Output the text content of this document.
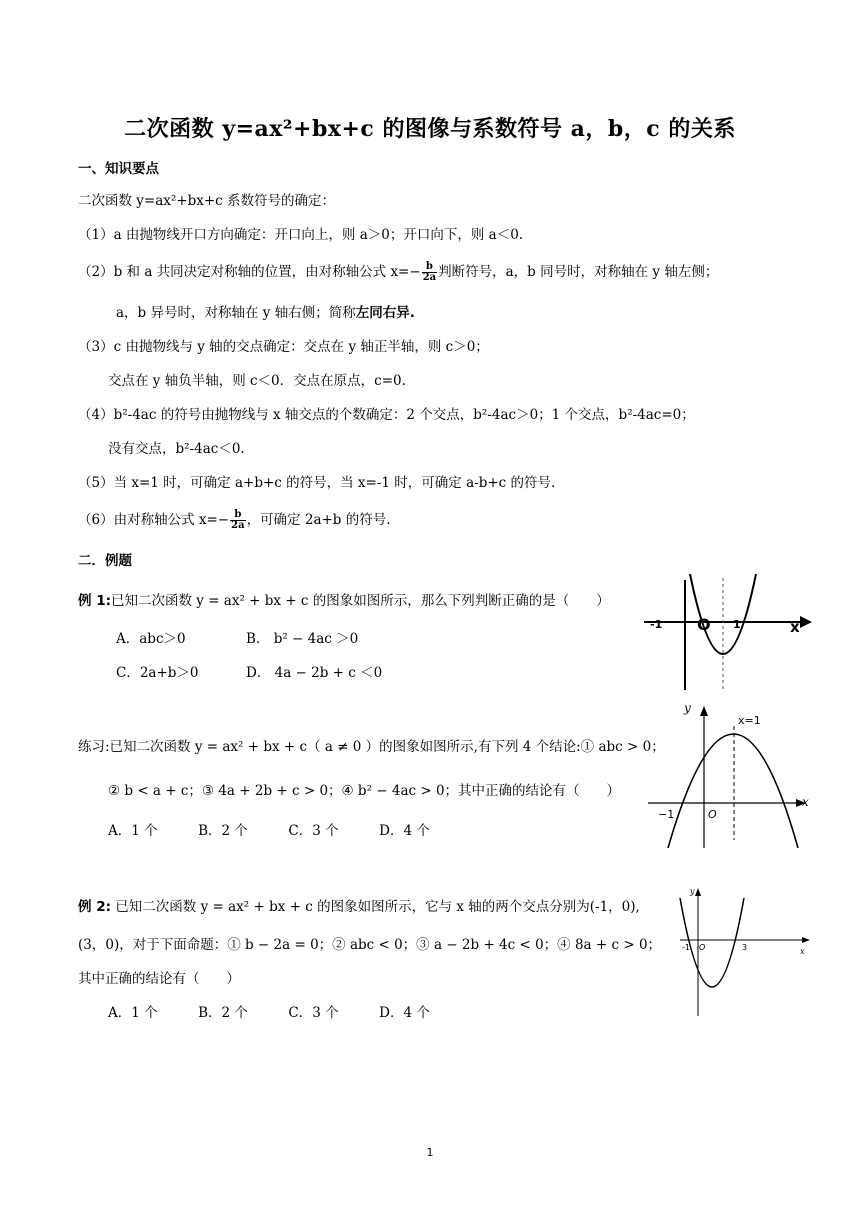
二次函数 y=ax²+bx+c 的图像与系数符号 a，b，c 的关系
一、知识要点
二次函数 y=ax²+bx+c 系数符号的确定：
（1）a 由抛物线开口方向确定：开口向上，则 a＞0；开口向下，则 a＜0.
（2）b 和 a 共同决定对称轴的位置，由对称轴公式 $x=- \frac{b}{2a}$ 判断符号，a，b 同号时，对称轴在 y 轴左侧；
a，b 异号时，对称轴在 y 轴右侧；简称左同右异.
（3）c 由抛物线与 y 轴的交点确定：交点在 y 轴正半轴，则 c＞0；
交点在 y 轴负半轴，则 c＜0．交点在原点，c=0.
（4）b²-4ac 的符号由抛物线与 x 轴交点的个数确定：2 个交点，b²-4ac＞0；1 个交点，b²-4ac=0；
没有交点，b²-4ac＜0.
（5）当 x=1 时，可确定 a+b+c 的符号，当 x=-1 时，可确定 a-b+c 的符号.
（6）由对称轴公式 $x=- \frac{b}{2a}$ ，可确定 2a+b 的符号.
二．例题
例 1:已知二次函数 y = ax² + bx + c 的图象如图所示，那么下列判断正确的是（　　）
A．abc＞0	B． b² − 4ac ＞0
C．2a+b＞0	D． 4a − 2b + c ＜0
-1 O 1	x
练习:已知二次函数 y = ax² + bx + c（ a ≠ 0 ）的图象如图所示,有下列 4 个结论:① abc > 0；
② b < a + c；③ 4a + 2b + c > 0；④ b² − 4ac > 0；其中正确的结论有（　　）
A．1 个　　　B．2 个　　　C．3 个　　　D．4 个
y
x=1
−1	O
x
例 2: 已知二次函数 y = ax² + bx + c 的图象如图所示，它与 x 轴的两个交点分别为(-1，0),
(3，0)，对于下面命题：① b − 2a = 0；② abc < 0；③ a − 2b + 4c < 0；④ 8a + c > 0；
其中正确的结论有（　　）
A．1 个　　　B．2 个　　　C．3 个　　　D．4 个
y
-1 O	3	x
1
